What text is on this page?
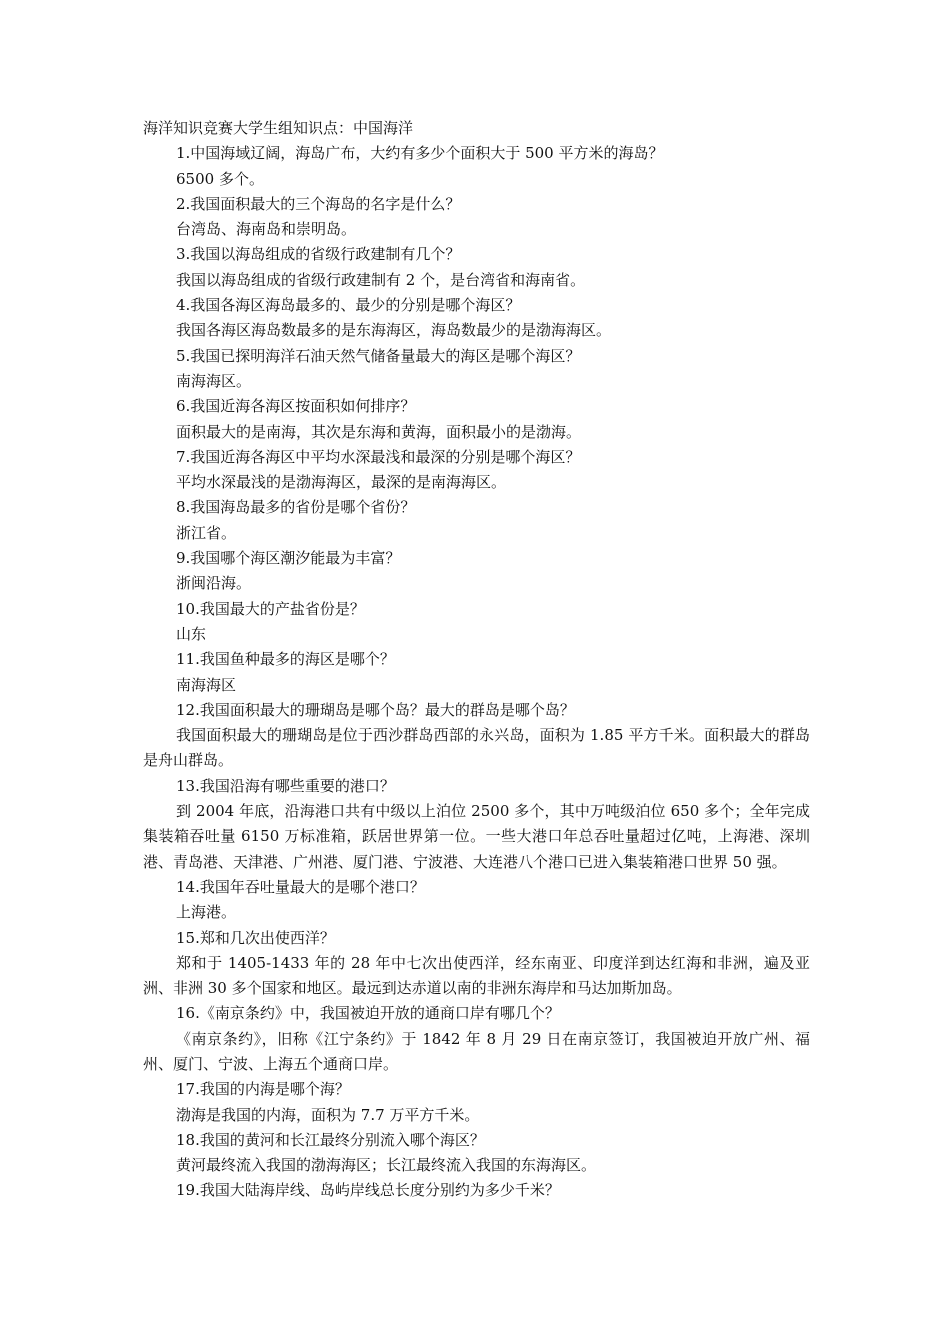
海洋知识竞赛大学生组知识点：中国海洋

1.中国海域辽阔，海岛广布，大约有多少个面积大于 500 平方米的海岛？

6500 多个。

2.我国面积最大的三个海岛的名字是什么？

台湾岛、海南岛和崇明岛。

3.我国以海岛组成的省级行政建制有几个？

我国以海岛组成的省级行政建制有 2 个，是台湾省和海南省。

4.我国各海区海岛最多的、最少的分别是哪个海区？

我国各海区海岛数最多的是东海海区，海岛数最少的是渤海海区。

5.我国已探明海洋石油天然气储备量最大的海区是哪个海区？

南海海区。

6.我国近海各海区按面积如何排序？

面积最大的是南海，其次是东海和黄海，面积最小的是渤海。

7.我国近海各海区中平均水深最浅和最深的分别是哪个海区？

平均水深最浅的是渤海海区，最深的是南海海区。

8.我国海岛最多的省份是哪个省份？

浙江省。

9.我国哪个海区潮汐能最为丰富？

浙闽沿海。

10.我国最大的产盐省份是？

山东

11.我国鱼种最多的海区是哪个？

南海海区

12.我国面积最大的珊瑚岛是哪个岛？最大的群岛是哪个岛？

我国面积最大的珊瑚岛是位于西沙群岛西部的永兴岛，面积为 1.85 平方千米。面积最大的群岛是舟山群岛。

13.我国沿海有哪些重要的港口？

到 2004 年底，沿海港口共有中级以上泊位 2500 多个，其中万吨级泊位 650 多个；全年完成集装箱吞吐量 6150 万标准箱，跃居世界第一位。一些大港口年总吞吐量超过亿吨，上海港、深圳港、青岛港、天津港、广州港、厦门港、宁波港、大连港八个港口已进入集装箱港口世界 50 强。

14.我国年吞吐量最大的是哪个港口？

上海港。

15.郑和几次出使西洋？

郑和于 1405-1433 年的 28 年中七次出使西洋，经东南亚、印度洋到达红海和非洲，遍及亚洲、非洲 30 多个国家和地区。最远到达赤道以南的非洲东海岸和马达加斯加岛。

16.《南京条约》中，我国被迫开放的通商口岸有哪几个？

《南京条约》，旧称《江宁条约》于 1842 年 8 月 29 日在南京签订，我国被迫开放广州、福州、厦门、宁波、上海五个通商口岸。

17.我国的内海是哪个海？

渤海是我国的内海，面积为 7.7 万平方千米。

18.我国的黄河和长江最终分别流入哪个海区？

黄河最终流入我国的渤海海区；长江最终流入我国的东海海区。

19.我国大陆海岸线、岛屿岸线总长度分别约为多少千米？
